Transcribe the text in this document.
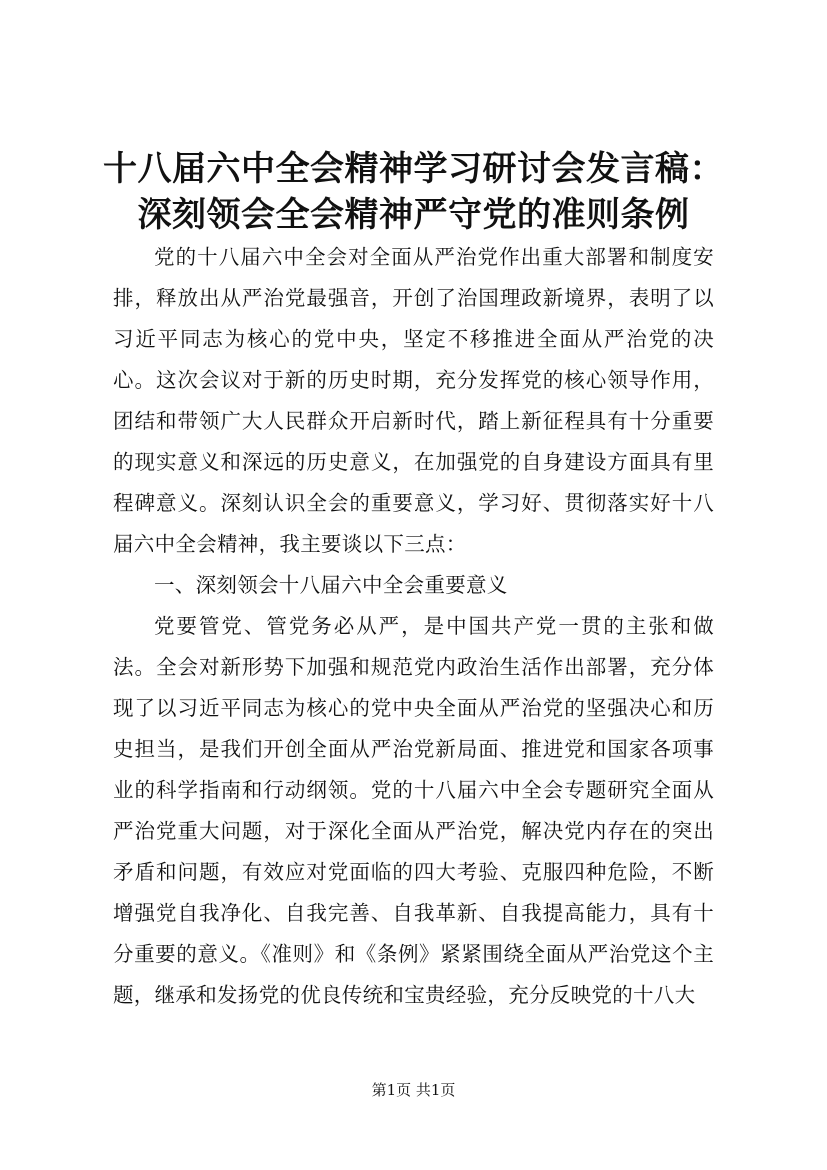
十八届六中全会精神学习研讨会发言稿：深刻领会全会精神严守党的准则条例

党的十八届六中全会对全面从严治党作出重大部署和制度安排，释放出从严治党最强音，开创了治国理政新境界，表明了以习近平同志为核心的党中央，坚定不移推进全面从严治党的决心。这次会议对于新的历史时期，充分发挥党的核心领导作用，团结和带领广大人民群众开启新时代，踏上新征程具有十分重要的现实意义和深远的历史意义，在加强党的自身建设方面具有里程碑意义。深刻认识全会的重要意义，学习好、贯彻落实好十八届六中全会精神，我主要谈以下三点：

一、深刻领会十八届六中全会重要意义

党要管党、管党务必从严，是中国共产党一贯的主张和做法。全会对新形势下加强和规范党内政治生活作出部署，充分体现了以习近平同志为核心的党中央全面从严治党的坚强决心和历史担当，是我们开创全面从严治党新局面、推进党和国家各项事业的科学指南和行动纲领。党的十八届六中全会专题研究全面从严治党重大问题，对于深化全面从严治党，解决党内存在的突出矛盾和问题，有效应对党面临的四大考验、克服四种危险，不断增强党自我净化、自我完善、自我革新、自我提高能力，具有十分重要的意义。《准则》和《条例》紧紧围绕全面从严治党这个主题，继承和发扬党的优良传统和宝贵经验，充分反映党的十八大

第1页 共1页
